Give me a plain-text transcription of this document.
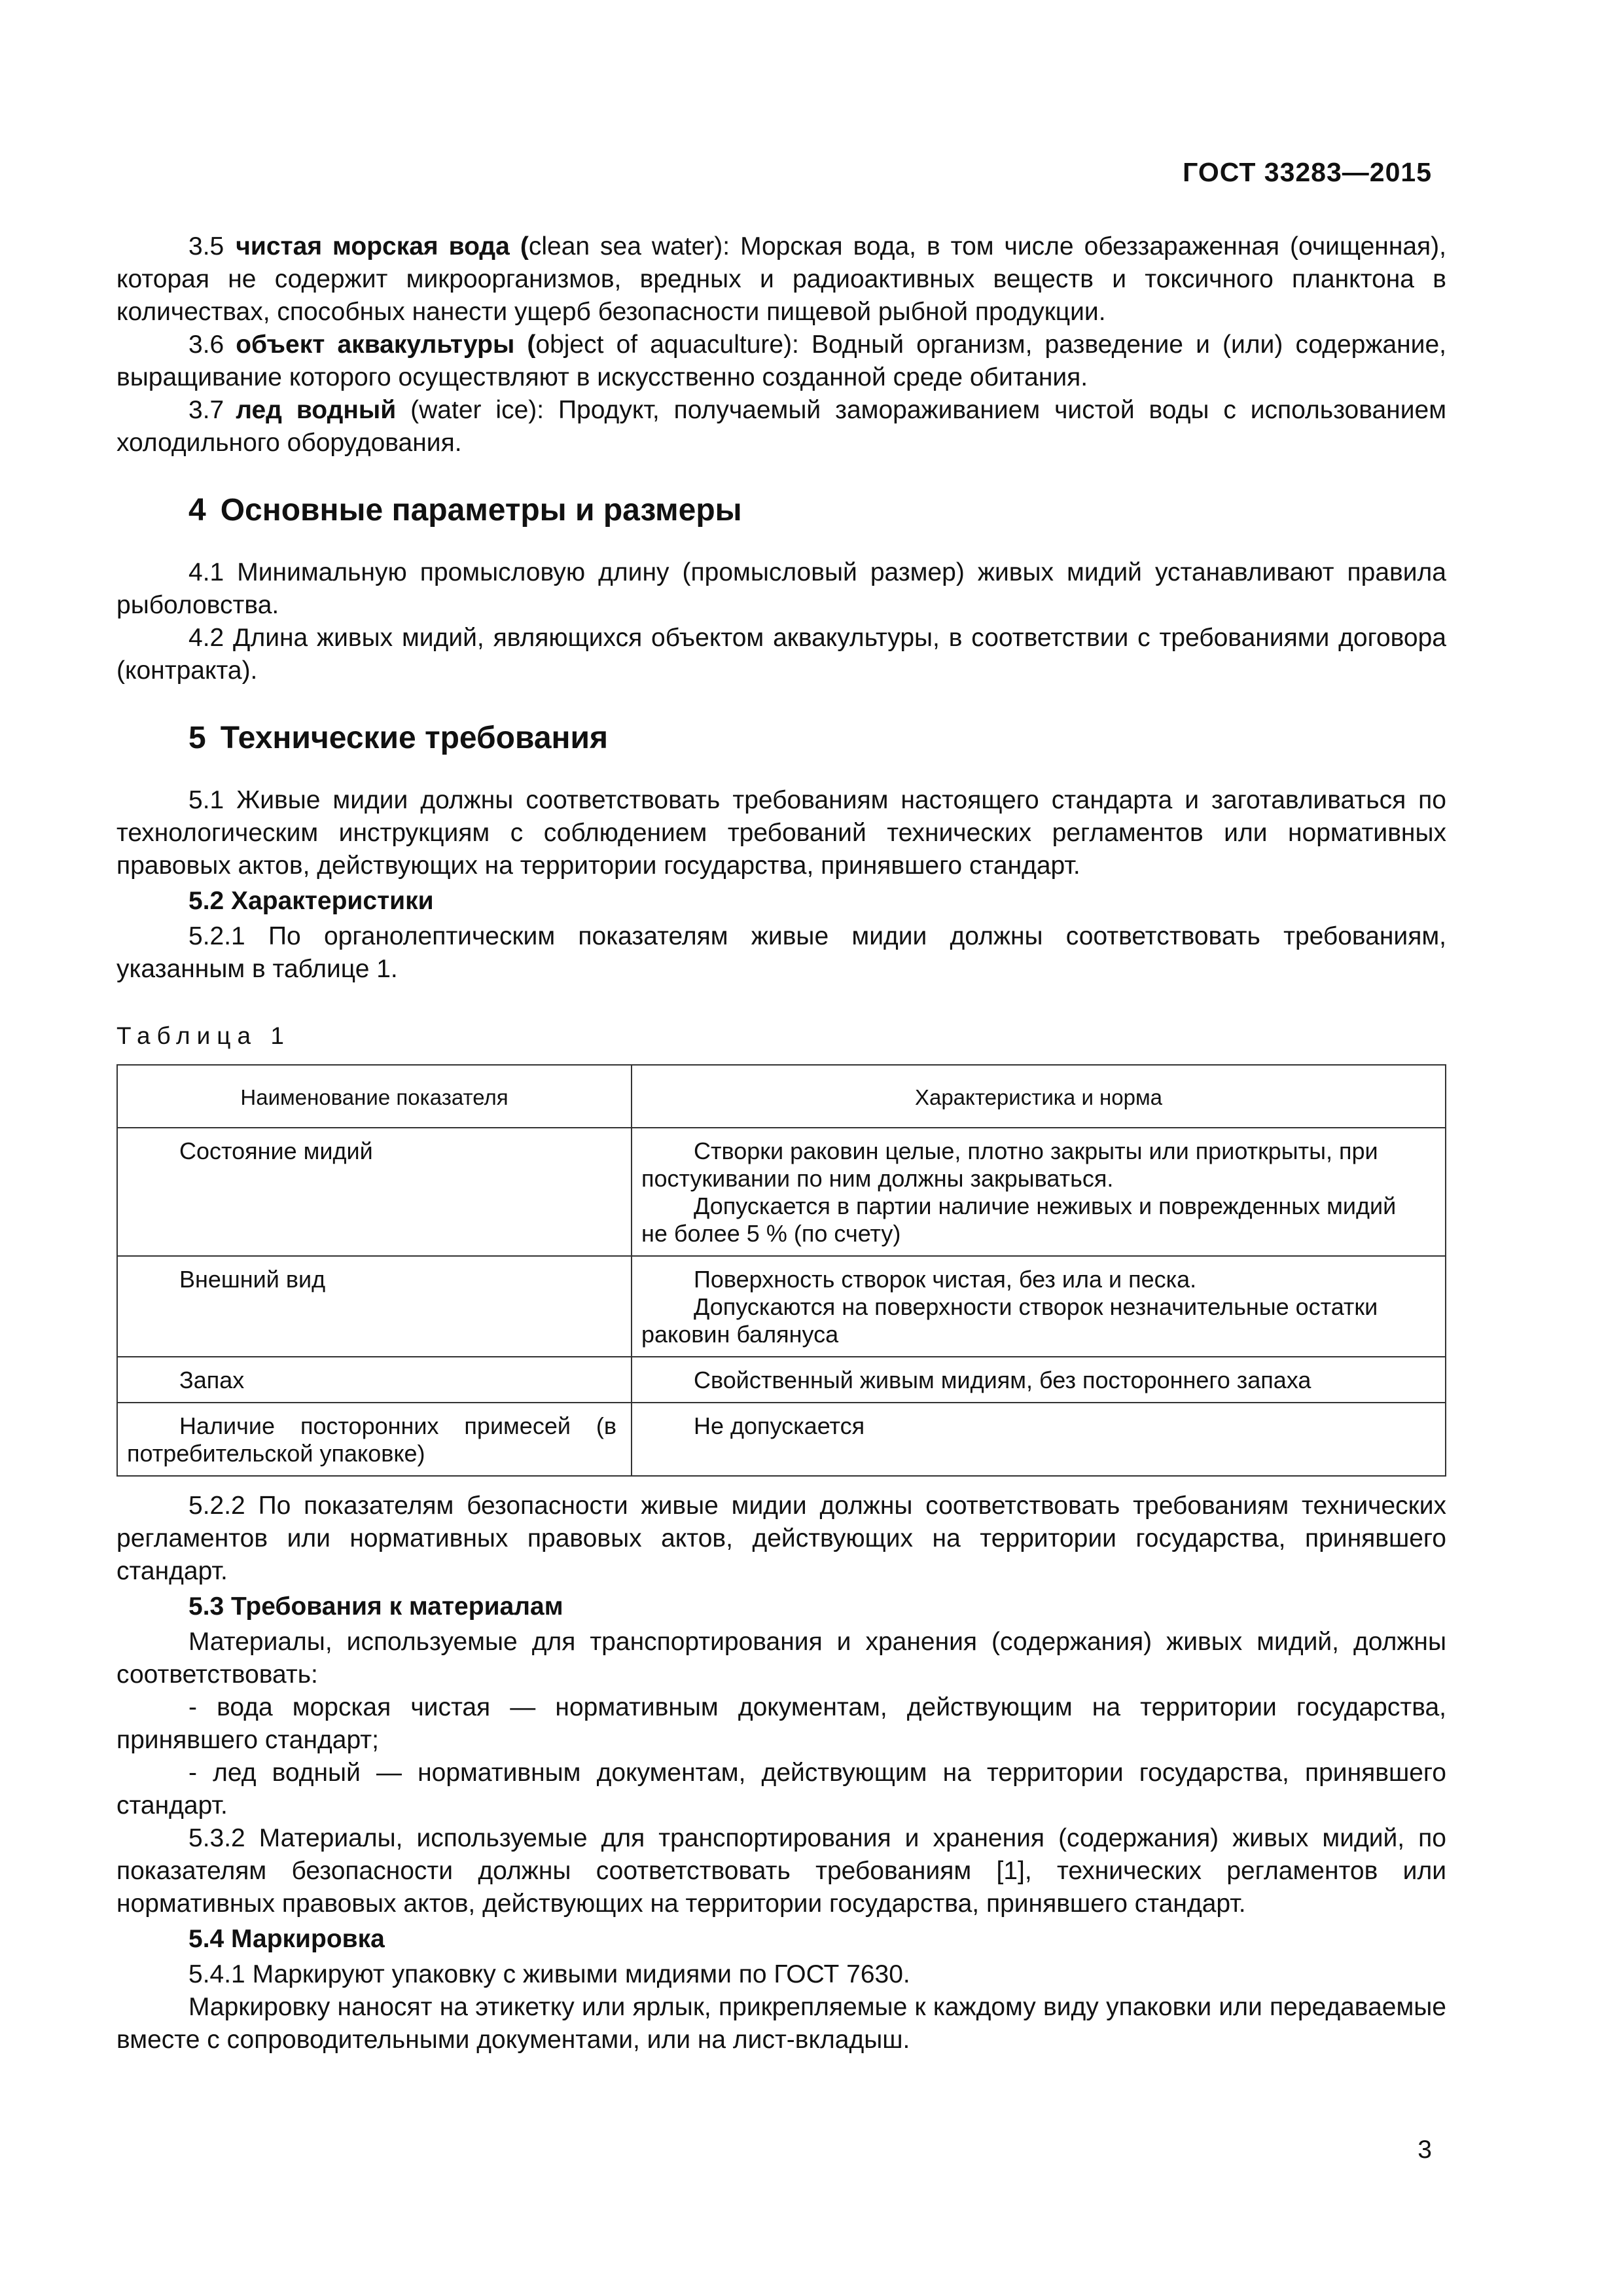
ГОСТ 33283—2015

3.5 чистая морская вода (clean sea water): Морская вода, в том числе обеззараженная (очищенная), которая не содержит микроорганизмов, вредных и радиоактивных веществ и токсичного планктона в количествах, способных нанести ущерб безопасности пищевой рыбной продукции.

3.6 объект аквакультуры (object of aquaculture): Водный организм, разведение и (или) содержание, выращивание которого осуществляют в искусственно созданной среде обитания.

3.7 лед водный (water ice): Продукт, получаемый замораживанием чистой воды с использованием холодильного оборудования.

4 Основные параметры и размеры

4.1 Минимальную промысловую длину (промысловый размер) живых мидий устанавливают правила рыболовства.

4.2 Длина живых мидий, являющихся объектом аквакультуры, в соответствии с требованиями договора (контракта).

5 Технические требования

5.1 Живые мидии должны соответствовать требованиям настоящего стандарта и заготавливаться по технологическим инструкциям с соблюдением требований технических регламентов или нормативных правовых актов, действующих на территории государства, принявшего стандарт.

5.2 Характеристики

5.2.1 По органолептическим показателям живые мидии должны соответствовать требованиям, указанным в таблице 1.

Таблица 1
Наименование показателя	Характеристика и норма

Состояние мидий	Створки раковин целые, плотно закрыты или приоткрыты, при

постукивании по ним должны закрываться.

Допускается в партии наличие неживых и поврежденных мидий

не более 5 % (по счету)

Внешний вид	Поверхность створок чистая, без ила и песка.

Допускаются на поверхности створок незначительные остатки

раковин балянуса

Запах	Свойственный живым мидиям, без постороннего запаха

Наличие посторонних примесей (в потребительской упаковке)	Не допускается

5.2.2 По показателям безопасности живые мидии должны соответствовать требованиям технических регламентов или нормативных правовых актов, действующих на территории государства, принявшего стандарт.

5.3 Требования к материалам

Материалы, используемые для транспортирования и хранения (содержания) живых мидий, должны соответствовать:

- вода морская чистая — нормативным документам, действующим на территории государства, принявшего стандарт;

- лед водный — нормативным документам, действующим на территории государства, принявшего стандарт.

5.3.2 Материалы, используемые для транспортирования и хранения (содержания) живых мидий, по показателям безопасности должны соответствовать требованиям [1], технических регламентов или нормативных правовых актов, действующих на территории государства, принявшего стандарт.

5.4 Маркировка

5.4.1 Маркируют упаковку с живыми мидиями по ГОСТ 7630.

Маркировку наносят на этикетку или ярлык, прикрепляемые к каждому виду упаковки или передаваемые вместе с сопроводительными документами, или на лист-вкладыш.

3
